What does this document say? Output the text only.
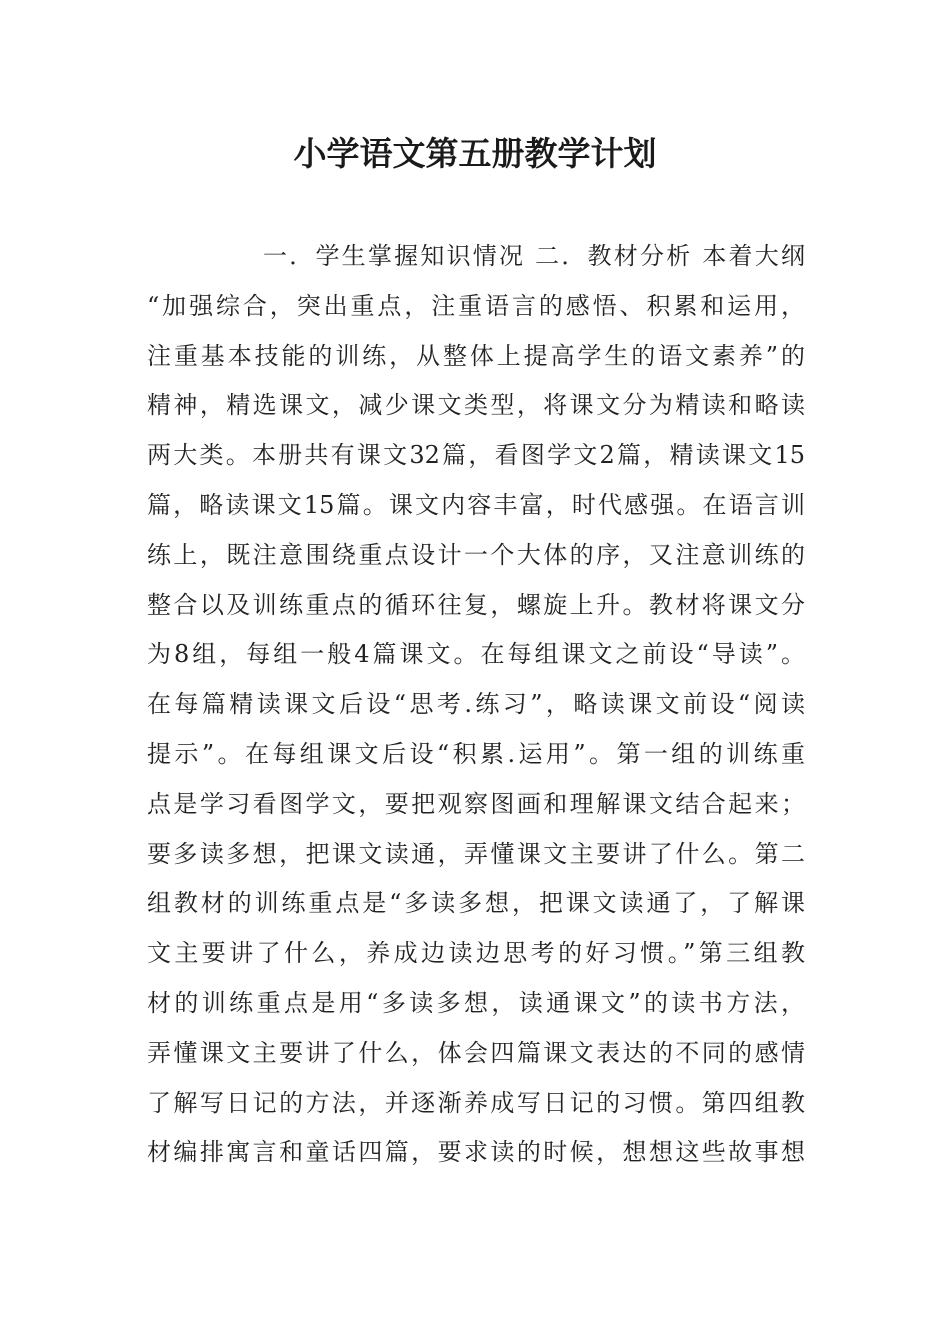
小学语文第五册教学计划
一．学生掌握知识情况 二．教材分析 本着大纲
“加强综合，突出重点，注重语言的感悟、积累和运用，
注重基本技能的训练，从整体上提高学生的语文素养”的
精神，精选课文，减少课文类型，将课文分为精读和略读
两大类。本册共有课文32篇，看图学文2篇，精读课文15
篇，略读课文15篇。课文内容丰富，时代感强。在语言训
练上，既注意围绕重点设计一个大体的序，又注意训练的
整合以及训练重点的循环往复，螺旋上升。教材将课文分
为8组，每组一般4篇课文。在每组课文之前设“导读”。
在每篇精读课文后设“思考.练习”，略读课文前设“阅读
提示”。在每组课文后设“积累.运用”。第一组的训练重
点是学习看图学文，要把观察图画和理解课文结合起来；
要多读多想，把课文读通，弄懂课文主要讲了什么。第二
组教材的训练重点是“多读多想，把课文读通了，了解课
文主要讲了什么，养成边读边思考的好习惯。”第三组教
材的训练重点是用“多读多想，读通课文”的读书方法，
弄懂课文主要讲了什么，体会四篇课文表达的不同的感情
了解写日记的方法，并逐渐养成写日记的习惯。第四组教
材编排寓言和童话四篇，要求读的时候，想想这些故事想
